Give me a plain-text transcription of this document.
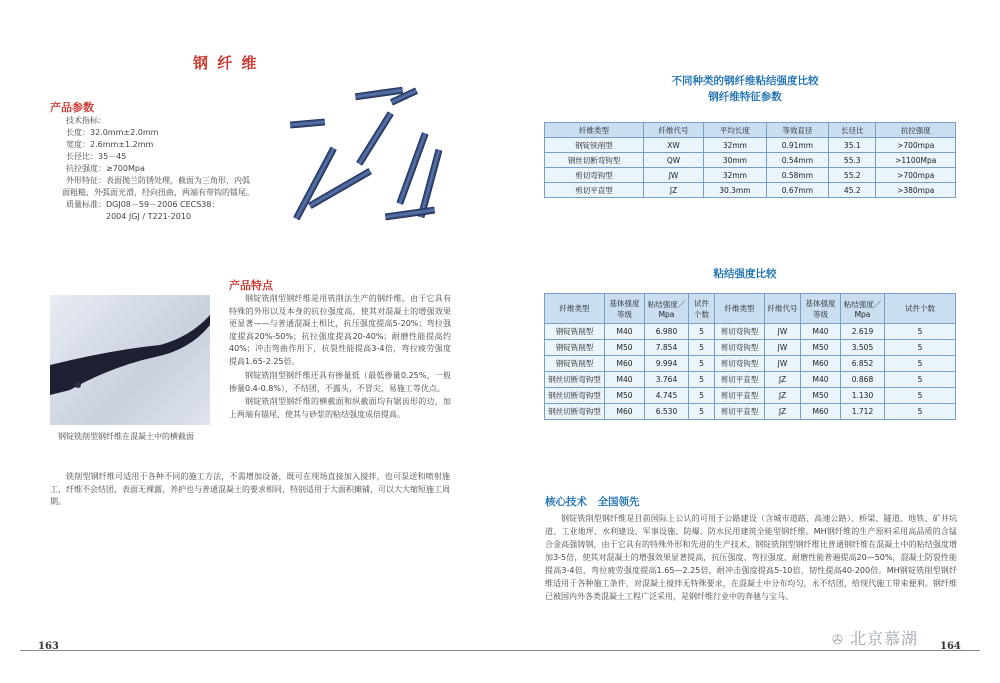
钢 纤 维
产品参数
技术指标：
长度：32.0mm±2.0mm
宽度：2.6mm±1.2mm
长径比：35－45
抗拉强度：≥700Mpa
外形特征：表面抛兰防锈处理，截面为三角形，内弧
面粗糙，外弧面光滑，经向扭曲，两端有带钩的镭尾。
质量标准：DGJ08－59－2006 CECS38：
2004 JGJ / T221-2010
产品特点
钢锭铣削型钢纤维在混凝土中的横截面
钢锭铣削型钢纤维是用铣削法生产的钢纤维。由于它具有特殊的外形以及本身的抗拉强度高，使其对混凝土的增强效果更显著——与普通混凝土相比，抗压强度提高5-20%；弯拉强度提高20%-50%；抗拉强度提高20-40%；耐磨性能提高约40%；冲击弯曲作用下，抗裂性能提高3-4倍，弯拉疲劳强度提高1.65-2.25倍。
钢锭铣削型钢纤维还具有掺量低（最低掺量0.25%，一般掺量0.4-0.8%），不结团，不露头，不冒尖，易施工等优点。
钢锭铣削型钢纤维的横截面和纵截面均有锯齿形的边，加上两端有锚尾，使其与砂浆的粘结强度成倍提高。
铣削型钢纤维可适用于各种不同的施工方法，不需增加设备，既可在现场直接加入搅拌，也可泵送和喷射施工，纤维不会结团，表面无裸露，养护也与普通混凝土的要求相同，特别适用于大面积摊铺，可以大大缩短施工周期。
163
不同种类的钢纤维粘结强度比较
钢纤维特征参数
纤维类型	纤维代号	平均长度	等效直径	长径比	抗拉强度
钢锭铣削型	XW	32mm	0.91mm	35.1	>700mpa
钢丝切断弯钩型	QW	30mm	0.54mm	55.3	>1100Mpa
剪切弯钩型	JW	32mm	0.58mm	55.2	>700mpa
剪切平直型	JZ	30.3mm	0.67mm	45.2	>380mpa
粘结强度比较
纤维类型	基体强度等级	粘结强度／Mpa	试件个数	纤维类型	纤维代号	基体强度等级	粘结强度／Mpa	试件个数
钢锭铣削型	M40	6.980	5	剪切弯钩型	JW	M40	2.619	5
钢锭铣削型	M50	7.854	5	剪切弯钩型	JW	M50	3.505	5
钢锭铣削型	M60	9.994	5	剪切弯钩型	JW	M60	6.852	5
钢丝切断弯钩型	M40	3.764	5	剪切平直型	JZ	M40	0.868	5
钢丝切断弯钩型	M50	4.745	5	剪切平直型	JZ	M50	1.130	5
钢丝切断弯钩型	M60	6.530	5	剪切平直型	JZ	M60	1.712	5
核心技术　全国领先
钢锭铣削型钢纤维是目前国际上公认的可用于公路建设（含城市道路、高速公路）、桥梁、隧道、地铁、矿井坑道、工业地坪、水利建设、军事设施、防爆、防水民用建筑全能型钢纤维。MH钢纤维的生产原料采用高品质的含锰合金高强铸钢，由于它具有的特殊外形和先进的生产技术，钢锭铣削型钢纤维比普通钢纤维在混凝土中的粘结强度增加3-5倍，使其对混凝土的增强效果显著提高，抗压强度、弯拉强度、耐磨性能普遍提高20—50%，混凝土防裂性能提高3-4倍，弯拉疲劳强度提高1.65—2.25倍，耐冲击强度提高5-10倍，韧性提高40-200倍。MH钢锭铣削型钢纤维适用于各种施工条件，对混凝土搅拌无特殊要求，在混凝土中分布均匀，永不结团，给现代施工带来便利。钢纤维已被国内外各类混凝土工程广泛采用，是钢纤维行业中的奔驰与宝马。
✇ 北京慕湖 164
